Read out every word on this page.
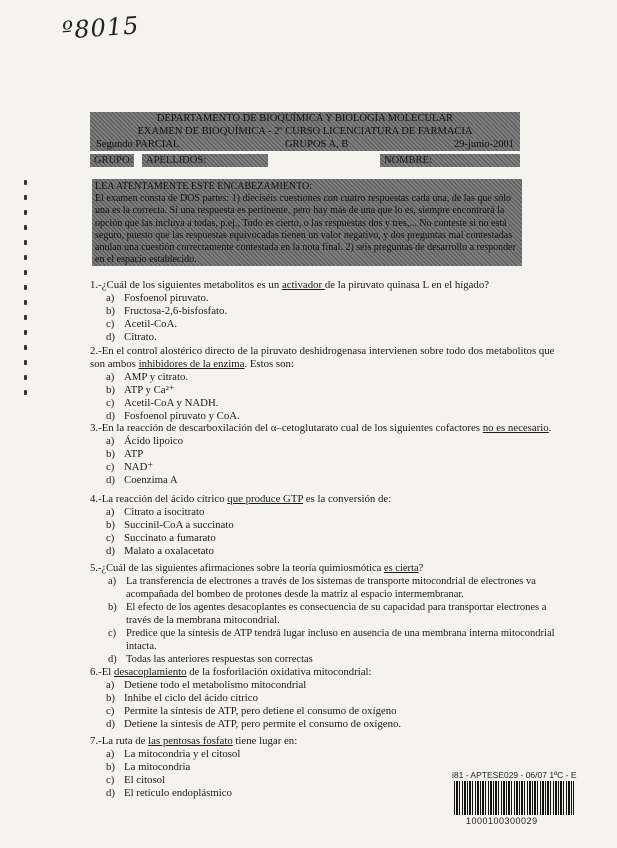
º8015
DEPARTAMENTO DE BIOQUÍMICA Y BIOLOGÍA MOLECULAR
EXAMEN DE BIOQUÍMICA - 2º CURSO LICENCIATURA DE FARMACIA
Segundo PARCIAL	GRUPOS A, B	29-junio-2001
GRUPO:	APELLIDOS:	NOMBRE:
LEA ATENTAMENTE ESTE ENCABEZAMIENTO:
El examen consta de DOS partes: 1) dieciséis cuestiones con cuatro respuestas cada una, de las que sólo una es la correcta. Si una respuesta es pertinente, pero hay más de una que lo es, siempre encontrará la opción que las incluya a todas, p.ej., Todo es cierto, o las respuestas dos y tres,... No conteste si no está seguro, puesto que las respuestas equivocadas tienen un valor negativo, y dos preguntas mal contestadas anulan una cuestión correctamente contestada en la nota final. 2) seis preguntas de desarrollo a responder en el espacio establecido.

1.-¿Cuál de los siguientes metabolitos es un activador de la piruvato quinasa L en el hígado?

a) Fosfoenol piruvato.
b) Fructosa-2,6-bisfosfato.
c) Acetil-CoA.
d) Citrato.

2.-En el control alostérico directo de la piruvato deshidrogenasa intervienen sobre todo dos metabolitos que son ambos inhibidores de la enzima. Estos son:

a) AMP y citrato.
b) ATP y Ca²⁺
c) Acetil-CoA y NADH.
d) Fosfoenol piruvato y CoA.

3.-En la reacción de descarboxilación del α–cetoglutarato cual de los siguientes cofactores no es necesario.

a) Ácido lipoico
b) ATP
c) NAD⁺
d) Coenzima A

4.-La reacción del ácido cítrico que produce GTP es la conversión de:

a) Citrato a isocitrato
b) Succinil-CoA a succinato
c) Succinato a fumarato
d) Malato a oxalacetato

5.-¿Cuál de las siguientes afirmaciones sobre la teoría quimiosmótica es cierta?

a) La transferencia de electrones a través de los sistemas de transporte mitocondrial de electrones va acompañada del bombeo de protones desde la matriz al espacio intermembranar.
b) El efecto de los agentes desacoplantes es consecuencia de su capacidad para transportar electrones a través de la membrana mitocondrial.
c) Predice que la síntesis de ATP tendrá lugar incluso en ausencia de una membrana interna mitocondrial intacta.
d) Todas las anteriores respuestas son correctas

6.-El desacoplamiento de la fosforilación oxidativa mitocondrial:

a) Detiene todo el metabolismo mitocondrial
b) Inhibe el ciclo del ácido cítrico
c) Permite la síntesis de ATP, pero detiene el consumo de oxígeno
d) Detiene la síntesis de ATP, pero permite el consumo de oxígeno.

7.-La ruta de las pentosas fosfato tiene lugar en:

a) La mitocondria y el citosol
b) La mitocondria
c) El citosol
d) El retículo endoplásmico
i81 - APTESE029 - 06/07 1ºC - E
1000100300029
